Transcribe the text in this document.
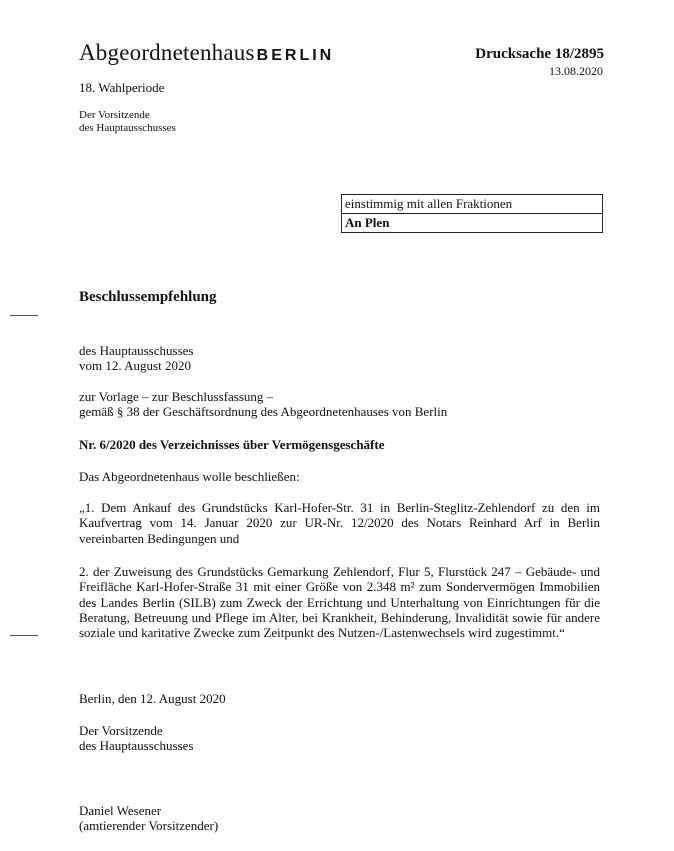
Abgeordnetenhaus BERLIN	Drucksache 18/2895
13.08.2020
18. Wahlperiode
Der Vorsitzende
des Hauptausschusses
einstimmig mit allen Fraktionen
An Plen
Beschlussempfehlung
des Hauptausschusses
vom 12. August 2020
zur Vorlage – zur Beschlussfassung –
gemäß § 38 der Geschäftsordnung des Abgeordnetenhauses von Berlin
Nr. 6/2020 des Verzeichnisses über Vermögensgeschäfte
Das Abgeordnetenhaus wolle beschließen:
„1. Dem Ankauf des Grundstücks Karl-Hofer-Str. 31 in Berlin-Steglitz-Zehlendorf zu den im Kaufvertrag vom 14. Januar 2020 zur UR-Nr. 12/2020 des Notars Reinhard Arf in Berlin vereinbarten Bedingungen und
2. der Zuweisung des Grundstücks Gemarkung Zehlendorf, Flur 5, Flurstück 247 – Gebäude- und Freifläche Karl-Hofer-Straße 31 mit einer Größe von 2.348 m² zum Sondervermögen Immobilien des Landes Berlin (SILB) zum Zweck der Errichtung und Unterhaltung von Einrichtungen für die Beratung, Betreuung und Pflege im Alter, bei Krankheit, Behinderung, Invalidität sowie für andere soziale und karitative Zwecke zum Zeitpunkt des Nutzen-/Lastenwechsels wird zugestimmt.“
Berlin, den 12. August 2020
Der Vorsitzende
des Hauptausschusses
Daniel Wesener
(amtierender Vorsitzender)
